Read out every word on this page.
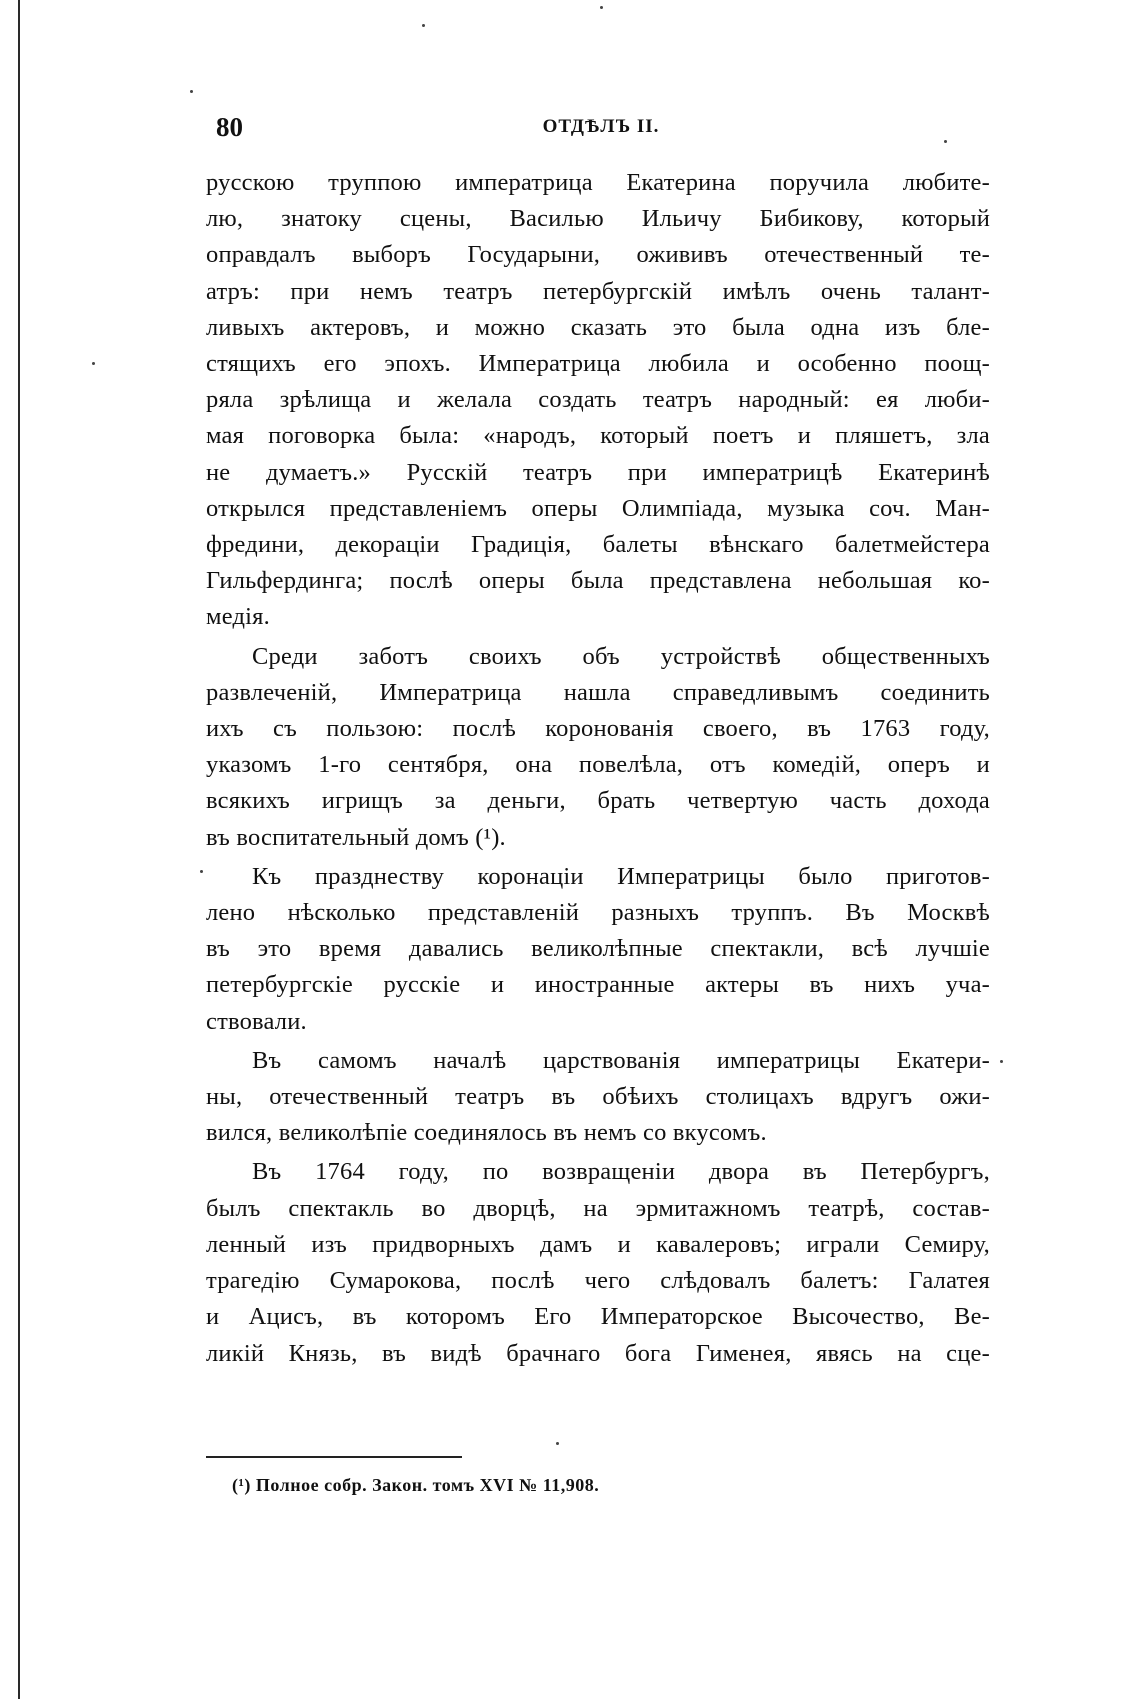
80	ОТДѢЛЪ II.
русскою труппою императрица Екатерина поручила любите-
лю, знатоку сцены, Василью Ильичу Бибикову, который
оправдалъ выборъ Государыни, ожививъ отечественный те-
атръ: при немъ театръ петербургскій имѣлъ очень талант-
ливыхъ актеровъ, и можно сказать это была одна изъ бле-
стящихъ его эпохъ. Императрица любила и особенно поощ-
ряла зрѣлища и желала создать театръ народный: ея люби-
мая поговорка была: «народъ, который поетъ и пляшетъ, зла
не думаетъ.» Русскій театръ при императрицѣ Екатеринѣ
открылся представленіемъ оперы Олимпіада, музыка соч. Ман-
фредини, декораціи Градиція, балеты вѣнскаго балетмейстера
Гильфердинга; послѣ оперы была представлена небольшая ко-
медія.
Среди заботъ своихъ объ устройствѣ общественныхъ
развлеченій, Императрица нашла справедливымъ соединить
ихъ съ пользою: послѣ коронованія своего, въ 1763 году,
указомъ 1-го сентября, она повелѣла, отъ комедій, оперъ и
всякихъ игрищъ за деньги, брать четвертую часть дохода
въ воспитательный домъ (¹).
Къ празднеству коронаціи Императрицы было приготов-
лено нѣсколько представленій разныхъ труппъ. Въ Москвѣ
въ это время давались великолѣпные спектакли, всѣ лучшіе
петербургскіе русскіе и иностранные актеры въ нихъ уча-
ствовали.
Въ самомъ началѣ царствованія императрицы Екатери-
ны, отечественный театръ въ обѣихъ столицахъ вдругъ ожи-
вился, великолѣпіе соединялось въ немъ со вкусомъ.
Въ 1764 году, по возвращеніи двора въ Петербургъ,
былъ спектакль во дворцѣ, на эрмитажномъ театрѣ, состав-
ленный изъ придворныхъ дамъ и кавалеровъ; играли Семиру,
трагедію Сумарокова, послѣ чего слѣдовалъ балетъ: Галатея
и Ацисъ, въ которомъ Его Императорское Высочество, Ве-
ликій Князь, въ видѣ брачнаго бога Гименея, явясь на сце-
(¹) Полное собр. Закон. томъ XVI № 11,908.
